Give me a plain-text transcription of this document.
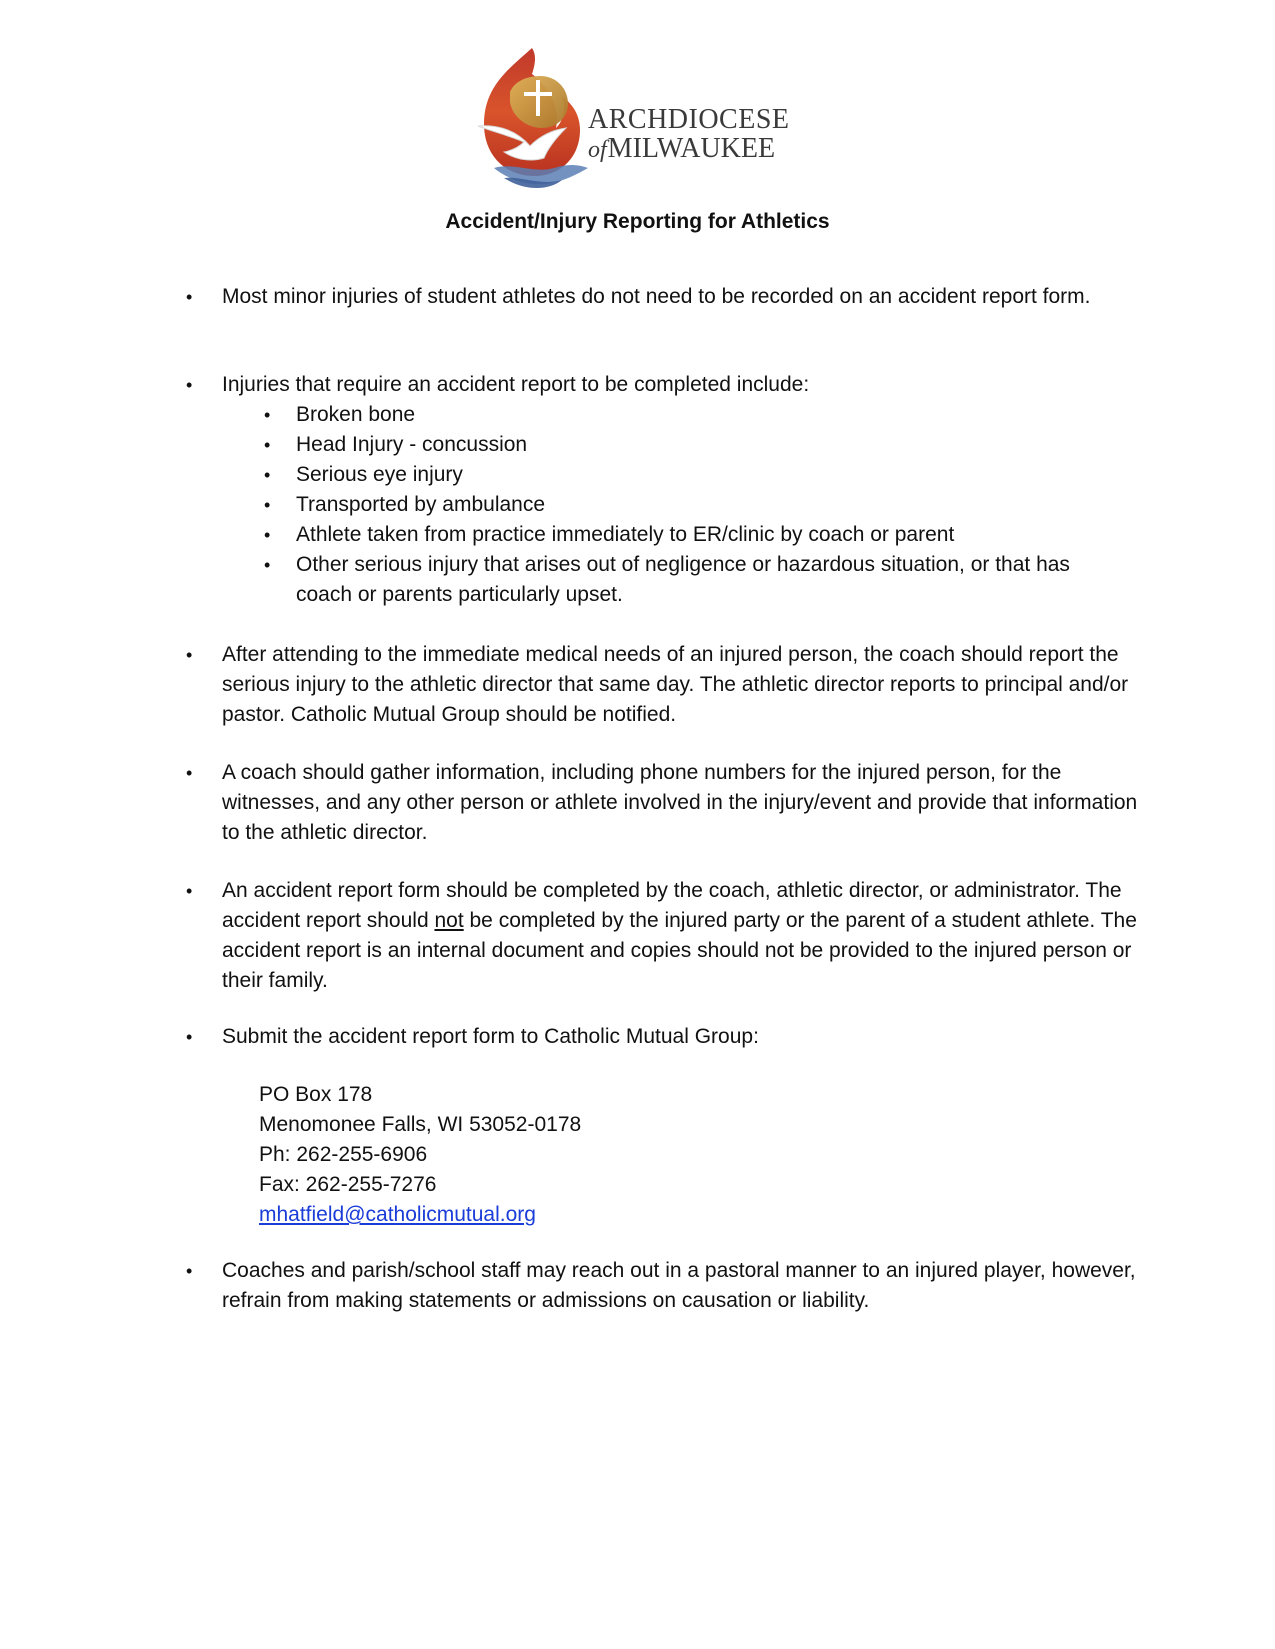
ARCHDIOCESE
ofMILWAUKEE
Accident/Injury Reporting for Athletics
• Most minor injuries of student athletes do not need to be recorded on an accident report form.
• Injuries that require an accident report to be completed include:
• Broken bone
• Head Injury - concussion
• Serious eye injury
• Transported by ambulance
• Athlete taken from practice immediately to ER/clinic by coach or parent
• Other serious injury that arises out of negligence or hazardous situation, or that has coach or parents particularly upset.
• After attending to the immediate medical needs of an injured person, the coach should report the serious injury to the athletic director that same day. The athletic director reports to principal and/or pastor. Catholic Mutual Group should be notified.
• A coach should gather information, including phone numbers for the injured person, for the witnesses, and any other person or athlete involved in the injury/event and provide that information to the athletic director.
• An accident report form should be completed by the coach, athletic director, or administrator. The accident report should not be completed by the injured party or the parent of a student athlete. The accident report is an internal document and copies should not be provided to the injured person or their family.
• Submit the accident report form to Catholic Mutual Group:
PO Box 178
Menomonee Falls, WI 53052-0178
Ph: 262-255-6906
Fax: 262-255-7276
mhatfield@catholicmutual.org
• Coaches and parish/school staff may reach out in a pastoral manner to an injured player, however, refrain from making statements or admissions on causation or liability.
